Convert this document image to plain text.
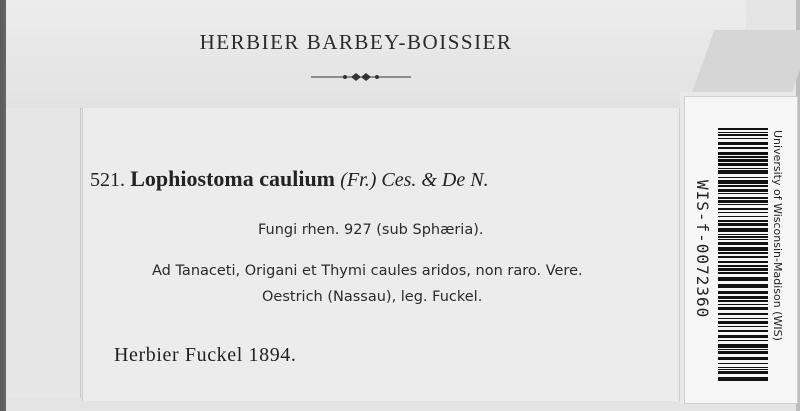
HERBIER BARBEY-BOISSIER
521. Lophiostoma caulium (Fr.) Ces. & De N.
Fungi rhen. 927 (sub Sphæria).
Ad Tanaceti, Origani et Thymi caules aridos, non raro. Vere.
Oestrich (Nassau), leg. Fuckel.
Herbier Fuckel 1894.
WIS-f-0072360	University of Wisconsin-Madison (WIS)
